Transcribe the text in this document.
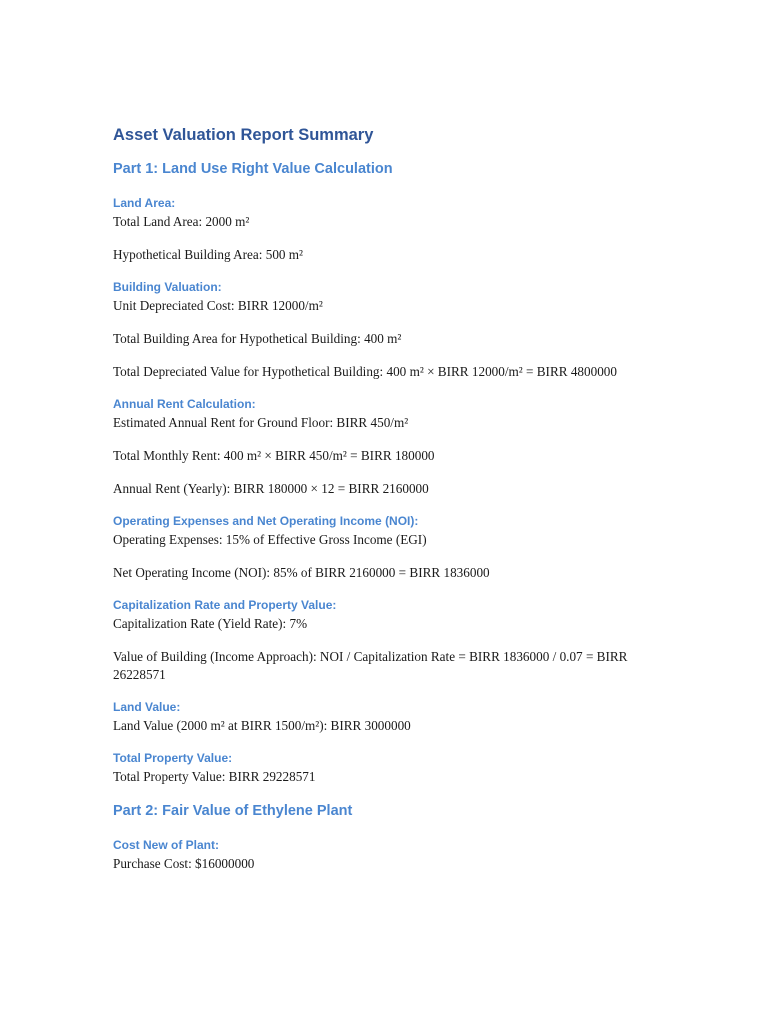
Asset Valuation Report Summary
Part 1: Land Use Right Value Calculation
Land Area:

Total Land Area: 2000 m²

Hypothetical Building Area: 500 m²

Building Valuation:

Unit Depreciated Cost: BIRR 12000/m²

Total Building Area for Hypothetical Building: 400 m²

Total Depreciated Value for Hypothetical Building: 400 m² × BIRR 12000/m² = BIRR 4800000

Annual Rent Calculation:

Estimated Annual Rent for Ground Floor: BIRR 450/m²

Total Monthly Rent: 400 m² × BIRR 450/m² = BIRR 180000

Annual Rent (Yearly): BIRR 180000 × 12 = BIRR 2160000

Operating Expenses and Net Operating Income (NOI):

Operating Expenses: 15% of Effective Gross Income (EGI)

Net Operating Income (NOI): 85% of BIRR 2160000 = BIRR 1836000

Capitalization Rate and Property Value:

Capitalization Rate (Yield Rate): 7%

Value of Building (Income Approach): NOI / Capitalization Rate = BIRR 1836000 / 0.07 = BIRR 26228571

Land Value:

Land Value (2000 m² at BIRR 1500/m²): BIRR 3000000

Total Property Value:

Total Property Value: BIRR 29228571

Part 2: Fair Value of Ethylene Plant
Cost New of Plant:

Purchase Cost: $16000000
